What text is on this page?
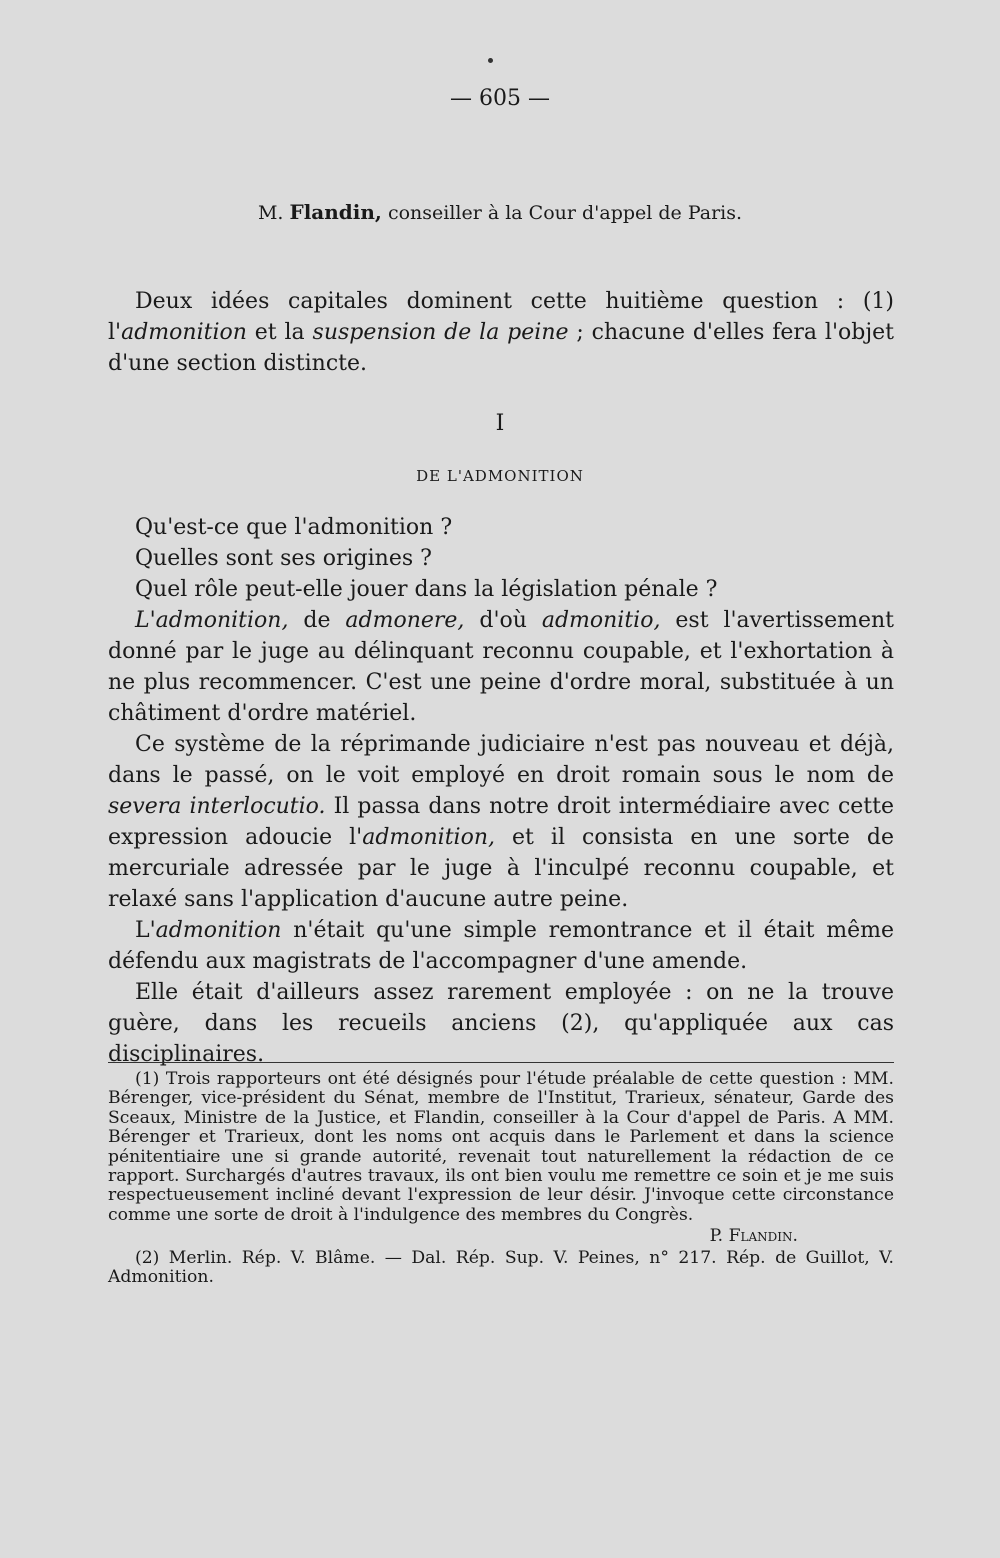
— 605 —
M. Flandin, conseiller à la Cour d'appel de Paris.

Deux idées capitales dominent cette huitième question : (1) l'admonition et la suspension de la peine ; chacune d'elles fera l'objet d'une section distincte.

I
DE L'ADMONITION

Qu'est-ce que l'admonition ?

Quelles sont ses origines ?

Quel rôle peut-elle jouer dans la législation pénale ?

L'admonition, de admonere, d'où admonitio, est l'avertissement donné par le juge au délinquant reconnu coupable, et l'exhortation à ne plus recommencer. C'est une peine d'ordre moral, substituée à un châtiment d'ordre matériel.

Ce système de la réprimande judiciaire n'est pas nouveau et déjà, dans le passé, on le voit employé en droit romain sous le nom de severa interlocutio. Il passa dans notre droit intermédiaire avec cette expression adoucie l'admonition, et il consista en une sorte de mercuriale adressée par le juge à l'inculpé reconnu coupable, et relaxé sans l'application d'aucune autre peine.

L'admonition n'était qu'une simple remontrance et il était même défendu aux magistrats de l'accompagner d'une amende.

Elle était d'ailleurs assez rarement employée : on ne la trouve guère, dans les recueils anciens (2), qu'appliquée aux cas disciplinaires.

(1) Trois rapporteurs ont été désignés pour l'étude préalable de cette question : MM. Bérenger, vice-président du Sénat, membre de l'Institut, Trarieux, sénateur, Garde des Sceaux, Ministre de la Justice, et Flandin, conseiller à la Cour d'appel de Paris. A MM. Bérenger et Trarieux, dont les noms ont acquis dans le Parlement et dans la science pénitentiaire une si grande autorité, revenait tout naturellement la rédaction de ce rapport. Surchargés d'autres travaux, ils ont bien voulu me remettre ce soin et je me suis respectueusement incliné devant l'expression de leur désir. J'invoque cette circonstance comme une sorte de droit à l'indulgence des membres du Congrès.

P. Flandin.

(2) Merlin. Rép. V. Blâme. — Dal. Rép. Sup. V. Peines, n° 217. Rép. de Guillot, V. Admonition.
